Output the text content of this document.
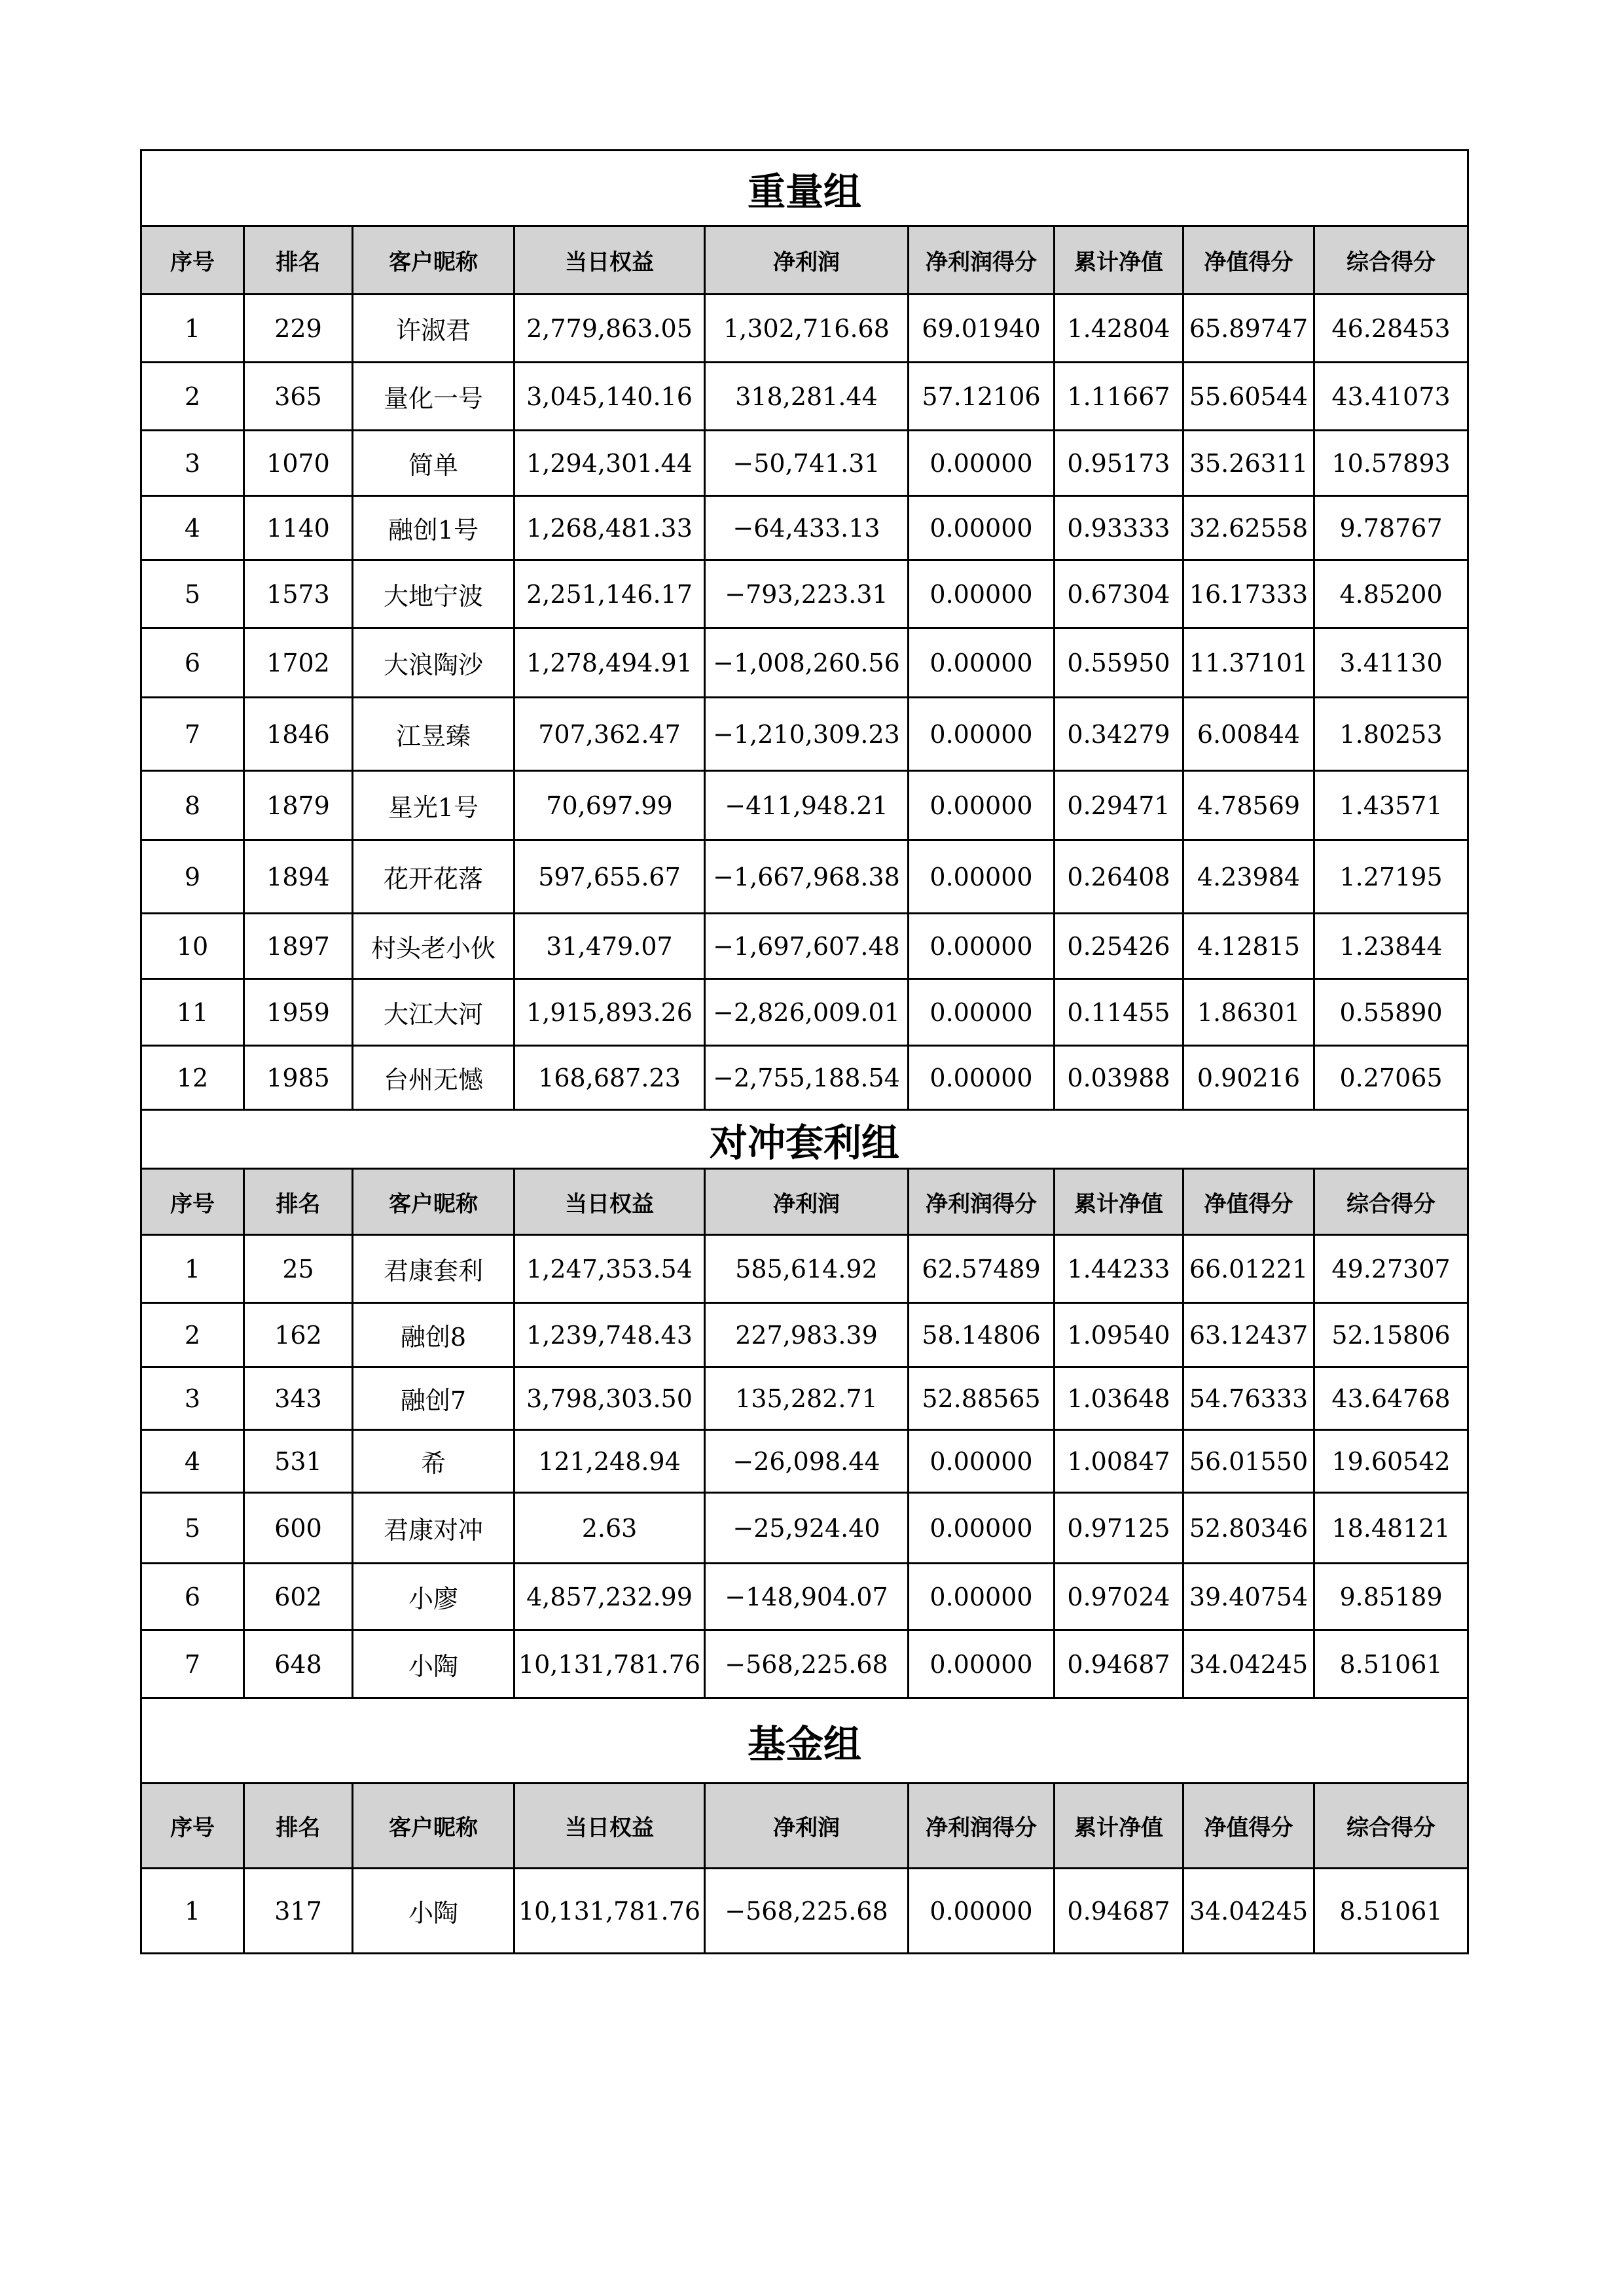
重量组								
序号	排名	客户昵称	当日权益	净利润	净利润得分	累计净值	净值得分	综合得分
1	229	许淑君	2,779,863.05	1,302,716.68	69.01940	1.42804	65.89747	46.28453
2	365	量化一号	3,045,140.16	318,281.44	57.12106	1.11667	55.60544	43.41073
3	1070	简单	1,294,301.44	−50,741.31	0.00000	0.95173	35.26311	10.57893
4	1140	融创1号	1,268,481.33	−64,433.13	0.00000	0.93333	32.62558	9.78767
5	1573	大地宁波	2,251,146.17	−793,223.31	0.00000	0.67304	16.17333	4.85200
6	1702	大浪陶沙	1,278,494.91	−1,008,260.56	0.00000	0.55950	11.37101	3.41130
7	1846	江昱臻	707,362.47	−1,210,309.23	0.00000	0.34279	6.00844	1.80253
8	1879	星光1号	70,697.99	−411,948.21	0.00000	0.29471	4.78569	1.43571
9	1894	花开花落	597,655.67	−1,667,968.38	0.00000	0.26408	4.23984	1.27195
10	1897	村头老小伙	31,479.07	−1,697,607.48	0.00000	0.25426	4.12815	1.23844
11	1959	大江大河	1,915,893.26	−2,826,009.01	0.00000	0.11455	1.86301	0.55890
12	1985	台州无憾	168,687.23	−2,755,188.54	0.00000	0.03988	0.90216	0.27065
对冲套利组								
序号	排名	客户昵称	当日权益	净利润	净利润得分	累计净值	净值得分	综合得分
1	25	君康套利	1,247,353.54	585,614.92	62.57489	1.44233	66.01221	49.27307
2	162	融创8	1,239,748.43	227,983.39	58.14806	1.09540	63.12437	52.15806
3	343	融创7	3,798,303.50	135,282.71	52.88565	1.03648	54.76333	43.64768
4	531	希	121,248.94	−26,098.44	0.00000	1.00847	56.01550	19.60542
5	600	君康对冲	2.63	−25,924.40	0.00000	0.97125	52.80346	18.48121
6	602	小廖	4,857,232.99	−148,904.07	0.00000	0.97024	39.40754	9.85189
7	648	小陶	10,131,781.76	−568,225.68	0.00000	0.94687	34.04245	8.51061
基金组								
序号	排名	客户昵称	当日权益	净利润	净利润得分	累计净值	净值得分	综合得分
1	317	小陶	10,131,781.76	−568,225.68	0.00000	0.94687	34.04245	8.51061
